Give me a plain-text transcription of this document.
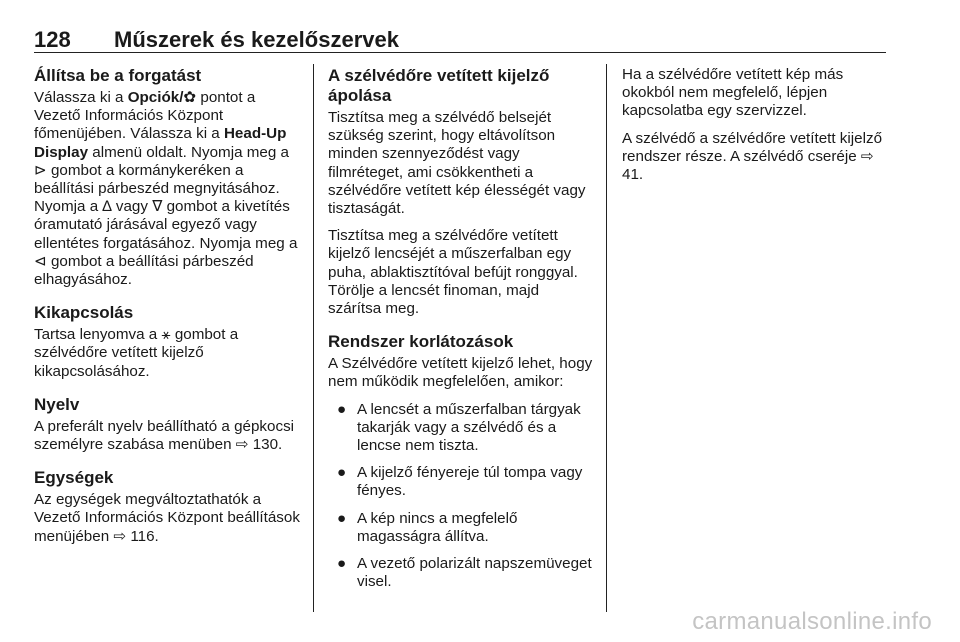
128	Műszerek és kezelőszervek
Állítsa be a forgatást

Válassza ki a Opciók/✿ pontot a Vezető Információs Központ főmenüjében. Válassza ki a Head-Up Display almenü oldalt. Nyomja meg a ⊳ gombot a kormánykeréken a beállítási párbeszéd megnyitásához. Nyomja a ∆ vagy ∇ gombot a kivetítés óramutató járásával egyező vagy ellentétes forgatásához. Nyomja meg a ⊲ gombot a beállítási párbeszéd elhagyásához.

Kikapcsolás

Tartsa lenyomva a ⚹ gombot a szélvédőre vetített kijelző kikapcsolásához.

Nyelv

A preferált nyelv beállítható a gépkocsi személyre szabása menüben ⇨ 130.

Egységek

Az egységek megváltoztathatók a Vezető Információs Központ beállítások menüjében ⇨ 116.

A szélvédőre vetített kijelző ápolása

Tisztítsa meg a szélvédő belsejét szükség szerint, hogy eltávolítson minden szennyeződést vagy filmréteget, ami csökkentheti a szélvédőre vetített kép élességét vagy tisztaságát.

Tisztítsa meg a szélvédőre vetített kijelző lencséjét a műszerfalban egy puha, ablaktisztítóval befújt ronggyal. Törölje a lencsét finoman, majd szárítsa meg.

Rendszer korlátozások

A Szélvédőre vetített kijelző lehet, hogy nem működik megfelelően, amikor:

● A lencsét a műszerfalban tárgyak takarják vagy a szélvédő és a lencse nem tiszta.
● A kijelző fényereje túl tompa vagy fényes.
● A kép nincs a megfelelő magasságra állítva.
● A vezető polarizált napszemüveget visel.

Ha a szélvédőre vetített kép más okokból nem megfelelő, lépjen kapcsolatba egy szervizzel.

A szélvédő a szélvédőre vetített kijelző rendszer része. A szélvédő cseréje ⇨ 41.

carmanualsonline.info
